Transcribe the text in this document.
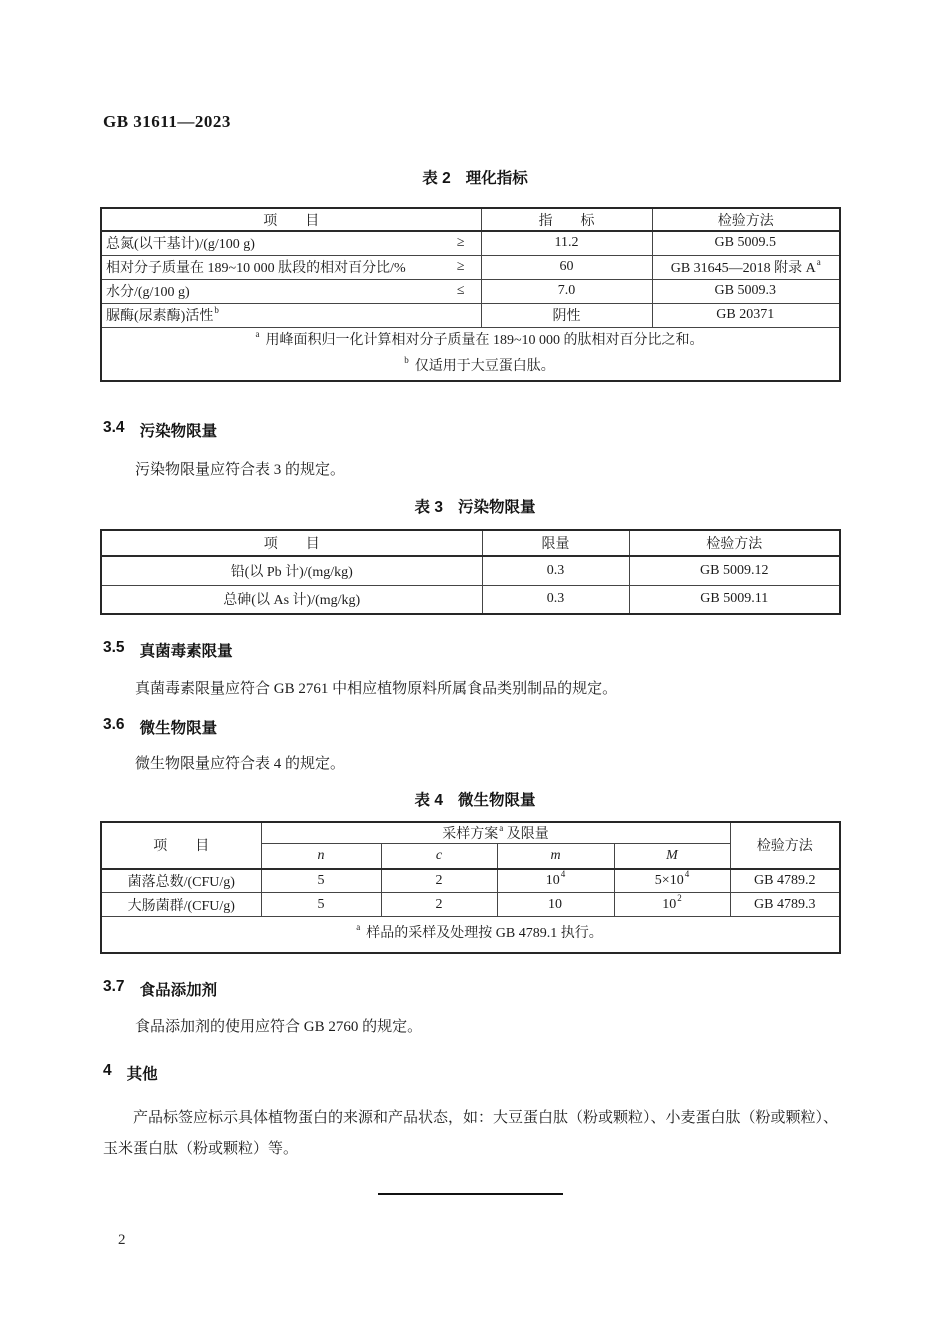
GB 31611—2023
表 2 理化指标
项　　目	指　　标	检验方法

总氮(以干基计)/(g/100 g) ≥	11.2	GB 5009.5

相对分子质量在 189~10 000 肽段的相对百分比/% ≥	60	GB 31645—2018 附录 $A^a$

水分/(g/100 g) ≤	7.0	GB 5009.3

脲酶(尿素酶)活性$^b$	阴性	GB 20371

$^a$ 用峰面积归一化计算相对分子质量在 189~10 000 的肽相对百分比之和。
$^b$ 仅适用于大豆蛋白肽。		
3.4 污染物限量
污染物限量应符合表 3 的规定。
表 3 污染物限量
项　　目	限量	检验方法
铅(以 Pb 计)/(mg/kg)	0.3	GB 5009.12
总砷(以 As 计)/(mg/kg)	0.3	GB 5009.11
3.5 真菌毒素限量
真菌毒素限量应符合 GB 2761 中相应植物原料所属食品类别制品的规定。
3.6 微生物限量
微生物限量应符合表 4 的规定。
表 4 微生物限量
项　　目	采样方案$^a$ 及限量				检验方法
	n	c	m	M	
菌落总数/(CFU/g)	5	2	$10^4$	$5\times 10^4$	GB 4789.2
大肠菌群/(CFU/g)	5	2	10	$10^2$	GB 4789.3

$^a$ 样品的采样及处理按 GB 4789.1 执行。					
3.7 食品添加剂
食品添加剂的使用应符合 GB 2760 的规定。
4 其他
产品标签应标示具体植物蛋白的来源和产品状态，如：大豆蛋白肽（粉或颗粒）、小麦蛋白肽（粉或颗粒）、玉米蛋白肽（粉或颗粒）等。
2
